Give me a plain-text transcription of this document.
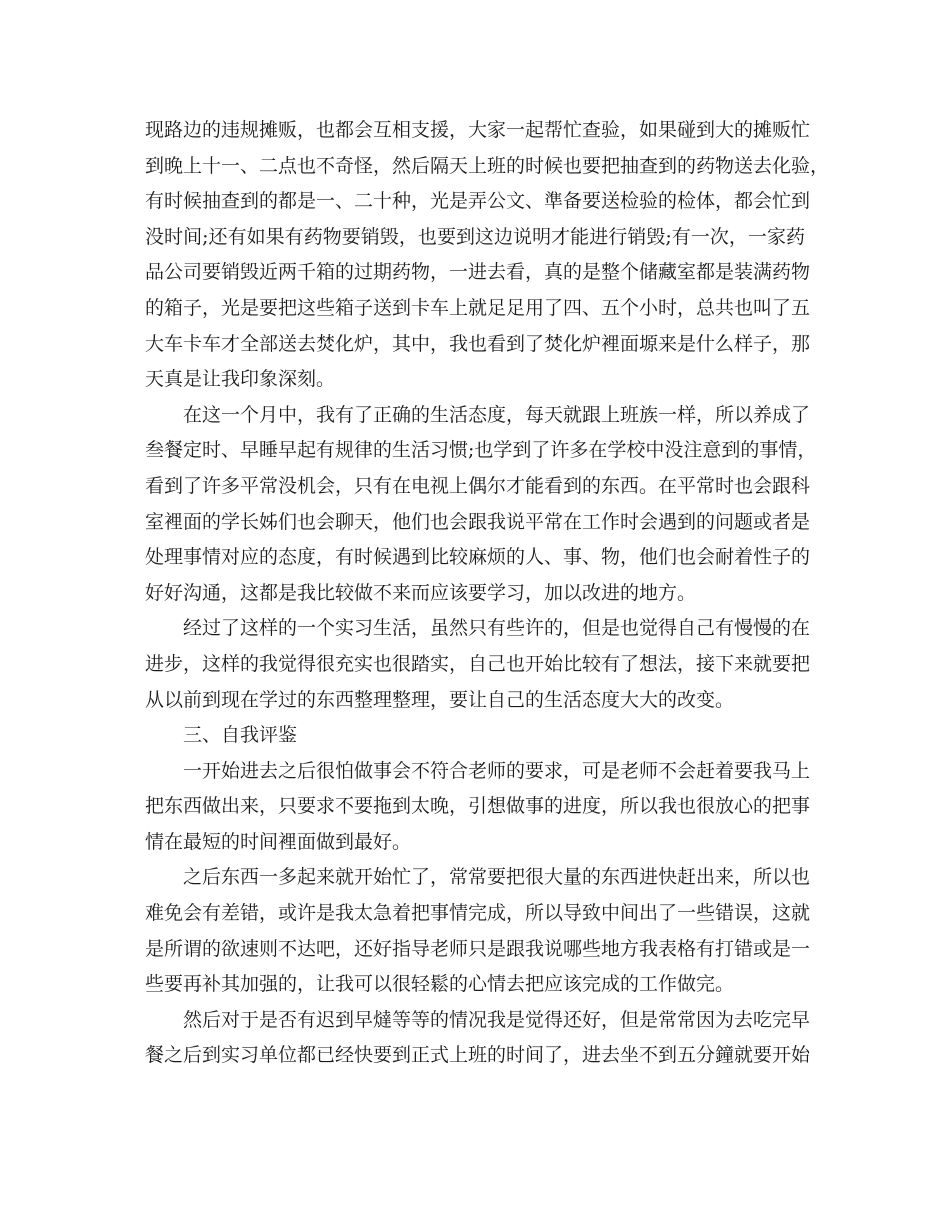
现路边的违规摊贩，也都会互相支援，大家一起帮忙查验，如果碰到大的摊贩忙
到晚上十一、二点也不奇怪，然后隔天上班的时候也要把抽查到的药物送去化验，
有时候抽查到的都是一、二十种，光是弄公文、準备要送检验的检体，都会忙到
没时间;还有如果有药物要销毁，也要到这边说明才能进行销毁;有一次，一家药
品公司要销毁近两千箱的过期药物，一进去看，真的是整个储藏室都是装满药物
的箱子，光是要把这些箱子送到卡车上就足足用了四、五个小时，总共也叫了五
大车卡车才全部送去焚化炉，其中，我也看到了焚化炉裡面塬来是什么样子，那
天真是让我印象深刻。
在这一个月中，我有了正确的生活态度，每天就跟上班族一样，所以养成了
叁餐定时、早睡早起有规律的生活习惯;也学到了许多在学校中没注意到的事情，
看到了许多平常没机会，只有在电视上偶尔才能看到的东西。在平常时也会跟科
室裡面的学长姊们也会聊天，他们也会跟我说平常在工作时会遇到的问题或者是
处理事情对应的态度，有时候遇到比较麻烦的人、事、物，他们也会耐着性子的
好好沟通，这都是我比较做不来而应该要学习，加以改进的地方。
经过了这样的一个实习生活，虽然只有些许的，但是也觉得自己有慢慢的在
进步，这样的我觉得很充实也很踏实，自己也开始比较有了想法，接下来就要把
从以前到现在学过的东西整理整理，要让自己的生活态度大大的改变。
三、自我评鉴
一开始进去之后很怕做事会不符合老师的要求，可是老师不会赶着要我马上
把东西做出来，只要求不要拖到太晚，引想做事的进度，所以我也很放心的把事
情在最短的时间裡面做到最好。
之后东西一多起来就开始忙了，常常要把很大量的东西进快赶出来，所以也
难免会有差错，或许是我太急着把事情完成，所以导致中间出了一些错误，这就
是所谓的欲速则不达吧，还好指导老师只是跟我说哪些地方我表格有打错或是一
些要再补其加强的，让我可以很轻鬆的心情去把应该完成的工作做完。
然后对于是否有迟到早燵等等的情况我是觉得还好，但是常常因为去吃完早
餐之后到实习单位都已经快要到正式上班的时间了，进去坐不到五分鐘就要开始
